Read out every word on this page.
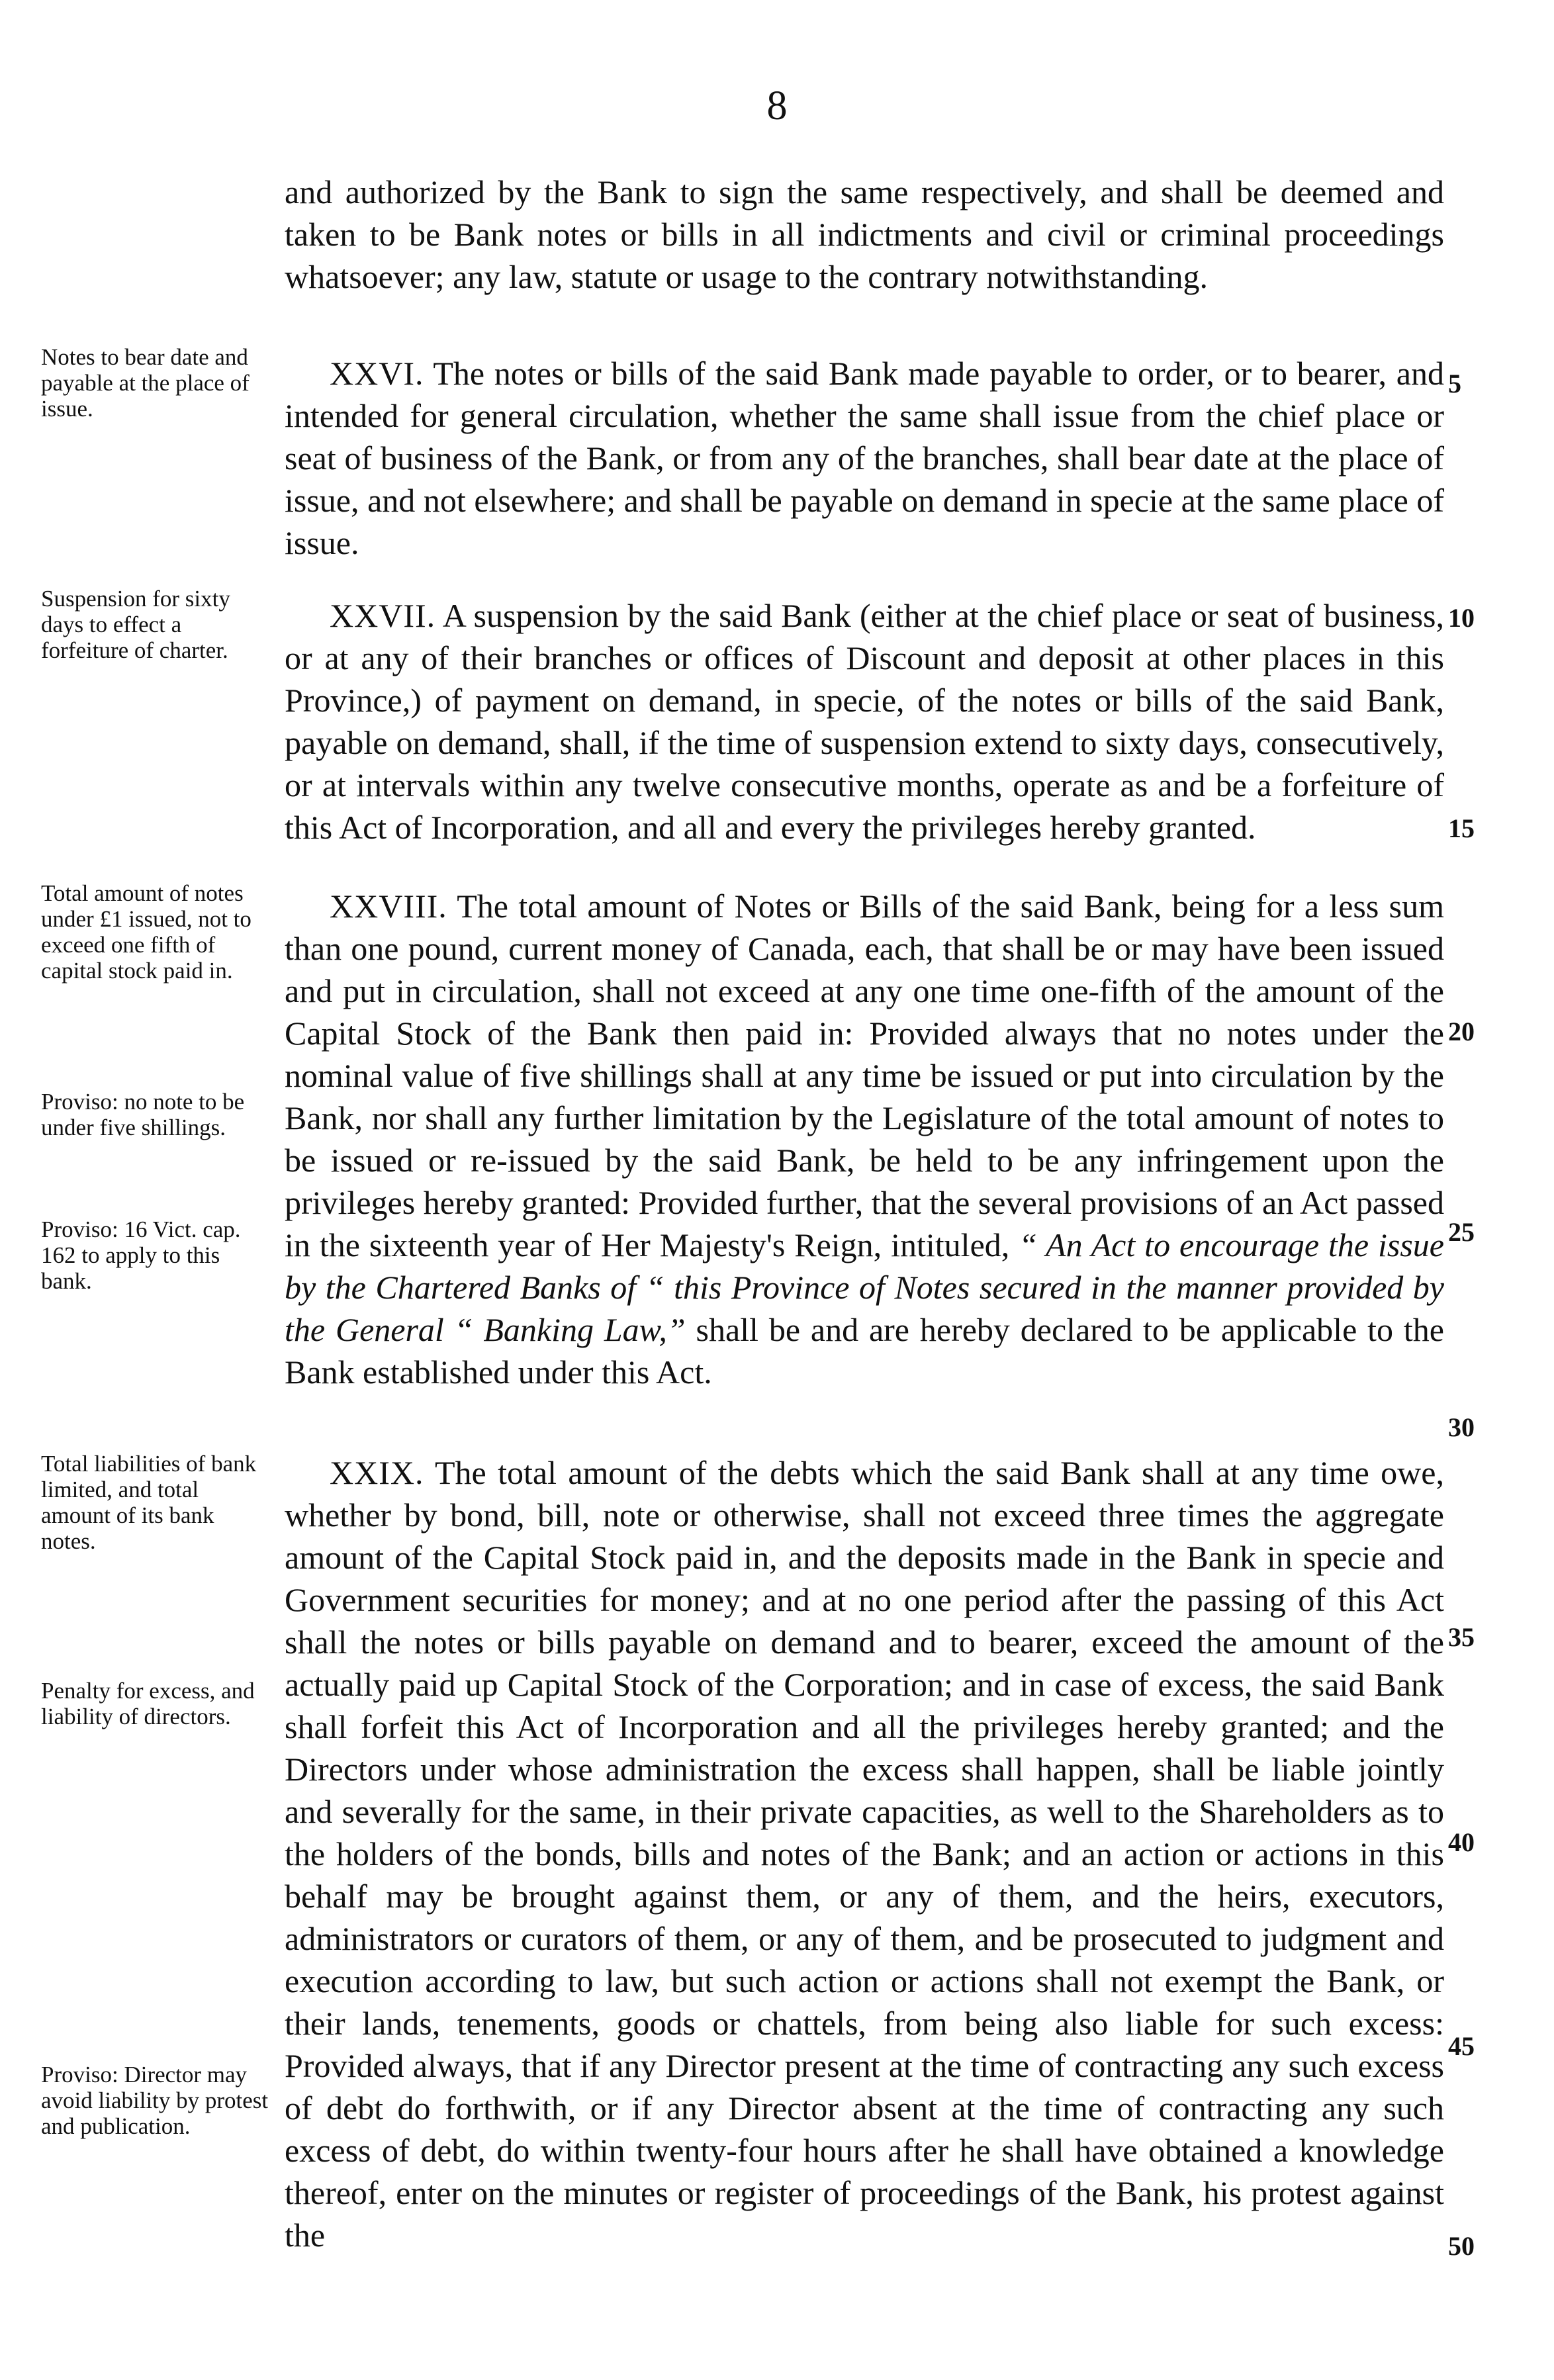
8

and authorized by the Bank to sign the same respectively, and shall be deemed and taken to be Bank notes or bills in all indictments and civil or criminal proceedings whatsoever; any law, statute or usage to the contrary notwithstanding.

XXVI. The notes or bills of the said Bank made payable to order, or to bearer, and intended for general circulation, whether the same shall issue from the chief place or seat of business of the Bank, or from any of the branches, shall bear date at the place of issue, and not elsewhere; and shall be payable on demand in specie at the same place of issue.

XXVII. A suspension by the said Bank (either at the chief place or seat of business, or at any of their branches or offices of Discount and deposit at other places in this Province,) of payment on demand, in specie, of the notes or bills of the said Bank, payable on demand, shall, if the time of suspension extend to sixty days, consecutively, or at intervals within any twelve consecutive months, operate as and be a forfeiture of this Act of Incorporation, and all and every the privileges hereby granted.

XXVIII. The total amount of Notes or Bills of the said Bank, being for a less sum than one pound, current money of Canada, each, that shall be or may have been issued and put in circulation, shall not exceed at any one time one-fifth of the amount of the Capital Stock of the Bank then paid in: Provided always that no notes under the nominal value of five shillings shall at any time be issued or put into circulation by the Bank, nor shall any further limitation by the Legislature of the total amount of notes to be issued or re-issued by the said Bank, be held to be any infringement upon the privileges hereby granted: Provided further, that the several provisions of an Act passed in the sixteenth year of Her Majesty's Reign, intituled, “ An Act to encourage the issue by the Chartered Banks of “ this Province of Notes secured in the manner provided by the General “ Banking Law,” shall be and are hereby declared to be applicable to the Bank established under this Act.

XXIX. The total amount of the debts which the said Bank shall at any time owe, whether by bond, bill, note or otherwise, shall not exceed three times the aggregate amount of the Capital Stock paid in, and the deposits made in the Bank in specie and Government securities for money; and at no one period after the passing of this Act shall the notes or bills payable on demand and to bearer, exceed the amount of the actually paid up Capital Stock of the Corporation; and in case of excess, the said Bank shall forfeit this Act of Incorporation and all the privileges hereby granted; and the Directors under whose administration the excess shall happen, shall be liable jointly and severally for the same, in their private capacities, as well to the Shareholders as to the holders of the bonds, bills and notes of the Bank; and an action or actions in this behalf may be brought against them, or any of them, and the heirs, executors, administrators or curators of them, or any of them, and be prosecuted to judgment and execution according to law, but such action or actions shall not exempt the Bank, or their lands, tenements, goods or chattels, from being also liable for such excess: Provided always, that if any Director present at the time of contracting any such excess of debt do forthwith, or if any Director absent at the time of contracting any such excess of debt, do within twenty-four hours after he shall have obtained a knowledge thereof, enter on the minutes or register of proceedings of the Bank, his protest against the

Notes to bear date and payable at the place of issue.
Suspension for sixty days to effect a forfeiture of charter.
Total amount of notes under £1 issued, not to exceed one fifth of capital stock paid in.
Proviso: no note to be under five shillings.
Proviso: 16 Vict. cap. 162 to apply to this bank.
Total liabilities of bank limited, and total amount of its bank notes.
Penalty for excess, and liability of directors.
Proviso: Director may avoid liability by protest and publication.
5
10
15
20
25
30
35
40
45
50
